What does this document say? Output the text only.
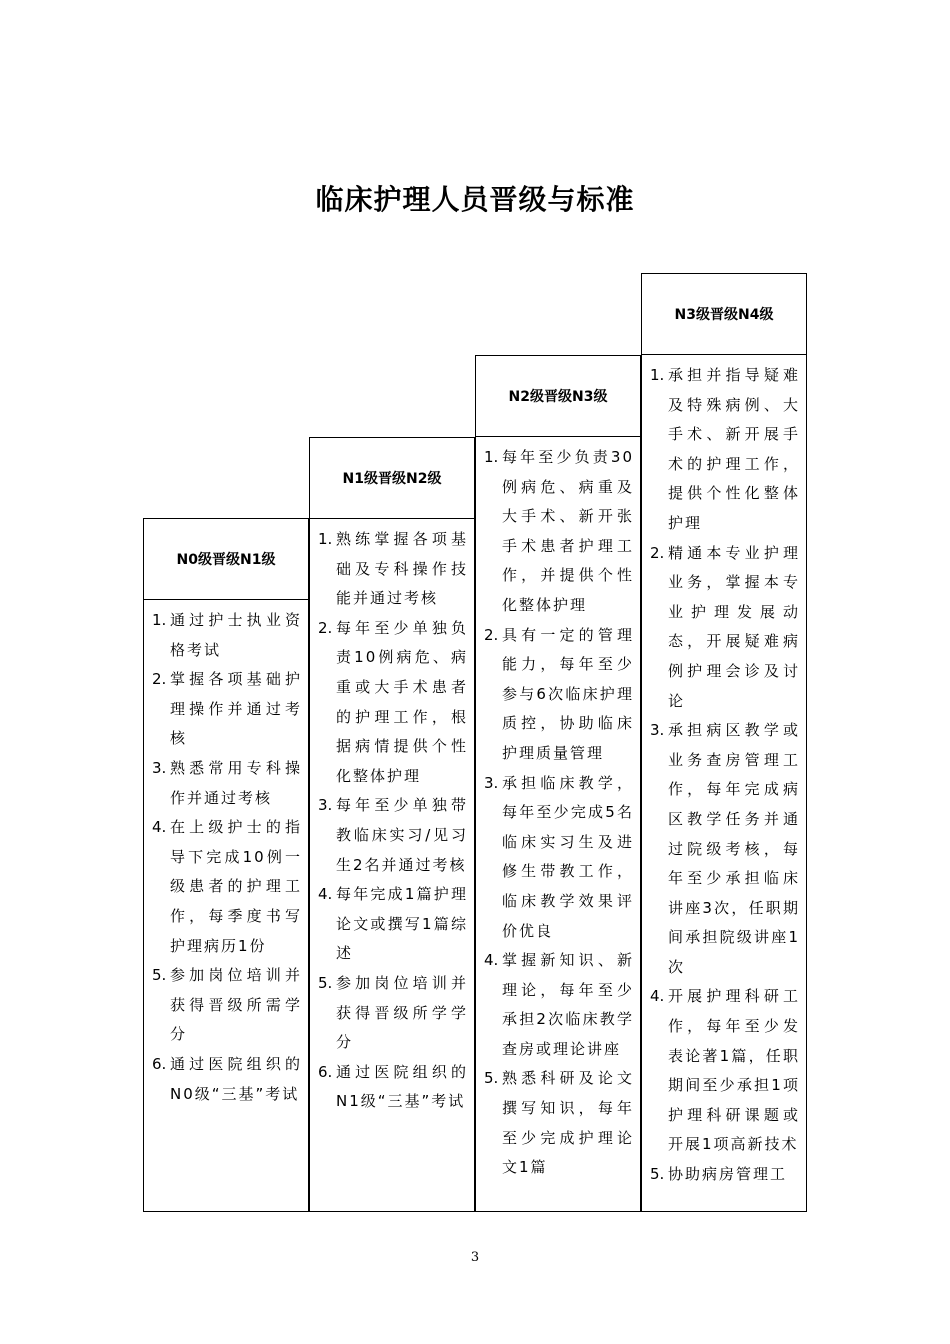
临床护理人员晋级与标准
N0级晋级N1级
1. 通过护士执业资格考试
2. 掌握各项基础护理操作并通过考核
3. 熟悉常用专科操作并通过考核
4. 在上级护士的指导下完成10例一级患者的护理工作，每季度书写护理病历1份
5. 参加岗位培训并获得晋级所需学分
6. 通过医院组织的N0级“三基”考试
N1级晋级N2级
1. 熟练掌握各项基础及专科操作技能并通过考核
2. 每年至少单独负责10例病危、病重或大手术患者的护理工作，根据病情提供个性化整体护理
3. 每年至少单独带教临床实习/见习生2名并通过考核
4. 每年完成1篇护理论文或撰写1篇综述
5. 参加岗位培训并获得晋级所学学分
6. 通过医院组织的N1级“三基”考试
N2级晋级N3级
1. 每年至少负责30例病危、病重及大手术、新开张手术患者护理工作，并提供个性化整体护理
2. 具有一定的管理能力，每年至少参与6次临床护理质控，协助临床护理质量管理
3. 承担临床教学，每年至少完成5名临床实习生及进修生带教工作，临床教学效果评价优良
4. 掌握新知识、新理论，每年至少承担2次临床教学查房或理论讲座
5. 熟悉科研及论文撰写知识，每年至少完成护理论文1篇
N3级晋级N4级
1. 承担并指导疑难及特殊病例、大手术、新开展手术的护理工作，提供个性化整体护理
2. 精通本专业护理业务，掌握本专业护理发展动态，开展疑难病例护理会诊及讨论
3. 承担病区教学或业务查房管理工作，每年完成病区教学任务并通过院级考核，每年至少承担临床讲座3次，任职期间承担院级讲座1次
4. 开展护理科研工作，每年至少发表论著1篇，任职期间至少承担1项护理科研课题或开展1项高新技术
5. 协助病房管理工
3
